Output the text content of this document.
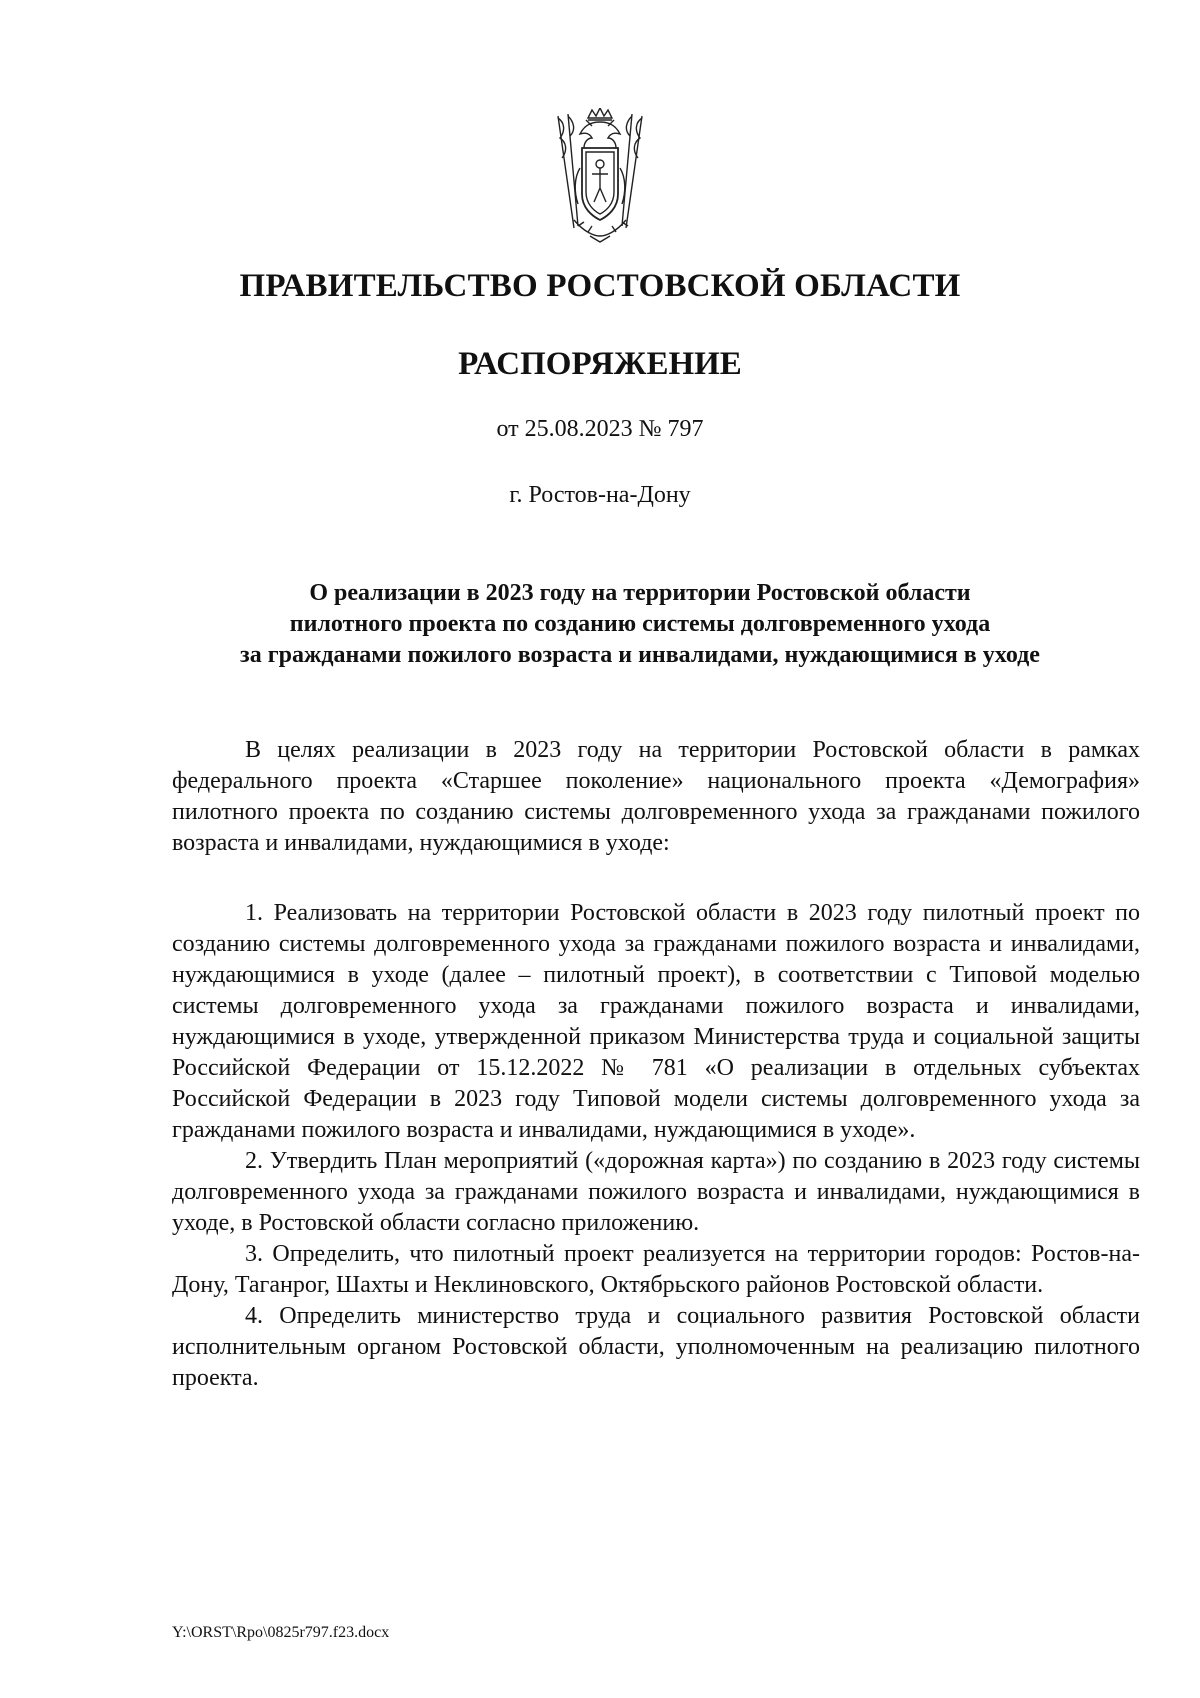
ПРАВИТЕЛЬСТВО РОСТОВСКОЙ ОБЛАСТИ
РАСПОРЯЖЕНИЕ
от 25.08.2023 № 797
г. Ростов-на-Дону
О реализации в 2023 году на территории Ростовской области
пилотного проекта по созданию системы долговременного ухода
за гражданами пожилого возраста и инвалидами, нуждающимися в уходе

В целях реализации в 2023 году на территории Ростовской области в рамках федерального проекта «Старшее поколение» национального проекта «Демография» пилотного проекта по созданию системы долговременного ухода за гражданами пожилого возраста и инвалидами, нуждающимися в уходе:

1. Реализовать на территории Ростовской области в 2023 году пилотный проект по созданию системы долговременного ухода за гражданами пожилого возраста и инвалидами, нуждающимися в уходе (далее – пилотный проект), в соответствии с Типовой моделью системы долговременного ухода за гражданами пожилого возраста и инвалидами, нуждающимися в уходе, утвержденной приказом Министерства труда и социальной защиты Российской Федерации от 15.12.2022 № 781 «О реализации в отдельных субъектах Российской Федерации в 2023 году Типовой модели системы долговременного ухода за гражданами пожилого возраста и инвалидами, нуждающимися в уходе».

2. Утвердить План мероприятий («дорожная карта») по созданию в 2023 году системы долговременного ухода за гражданами пожилого возраста и инвалидами, нуждающимися в уходе, в Ростовской области согласно приложению.

3. Определить, что пилотный проект реализуется на территории городов: Ростов-на-Дону, Таганрог, Шахты и Неклиновского, Октябрьского районов Ростовской области.

4. Определить министерство труда и социального развития Ростовской области исполнительным органом Ростовской области, уполномоченным на реализацию пилотного проекта.

Y:\ORST\Rpo\0825r797.f23.docx
